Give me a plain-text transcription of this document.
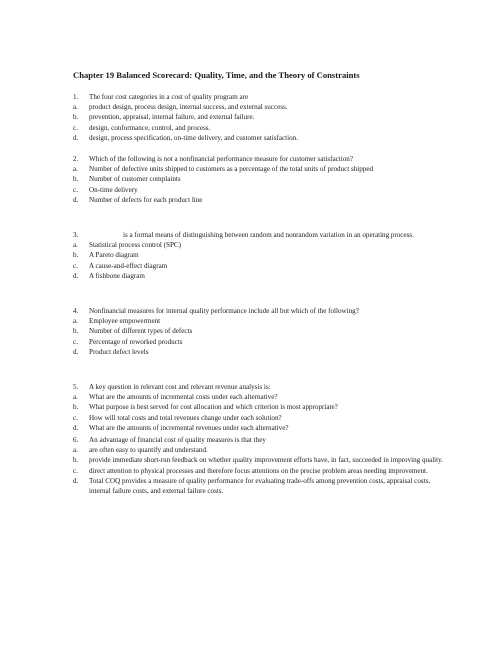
Chapter 19 Balanced Scorecard: Quality, Time, and the Theory of Constraints
1. The four cost categories in a cost of quality program are
a. product design, process design, internal success, and external success.
b. prevention, appraisal, internal failure, and external failure.
c. design, conformance, control, and process.
d. design, process specification, on-time delivery, and customer satisfaction.
2. Which of the following is not a nonfinancial performance measure for customer satisfaction?
a. Number of defective units shipped to customers as a percentage of the total units of product shipped
b. Number of customer complaints
c. On-time delivery
d. Number of defects for each product line
3.	is a formal means of distinguishing between random and nonrandom variation in an operating process.
a. Statistical process control (SPC)
b. A Pareto diagram
c. A cause-and-effect diagram
d. A fishbone diagram
4. Nonfinancial measures for internal quality performance include all but which of the following?
a. Employee empowerment
b. Number of different types of defects
c. Percentage of reworked products
d. Product defect levels
5. A key question in relevant cost and relevant revenue analysis is:
a. What are the amounts of incremental costs under each alternative?
b. What purpose is best served for cost allocation and which criterion is most appropriate?
c. How will total costs and total revenues change under each solution?
d. What are the amounts of incremental revenues under each alternative?
6. An advantage of financial cost of quality measures is that they
a. are often easy to quantify and understand.
b. provide immediate short-run feedback on whether quality improvement efforts have, in fact, succeeded in improving quality.
c. direct attention to physical processes and therefore focus attentions on the precise problem areas needing improvement.
d. Total COQ provides a measure of quality performance for evaluating trade-offs among prevention costs, appraisal costs, internal failure costs, and external failure costs.
